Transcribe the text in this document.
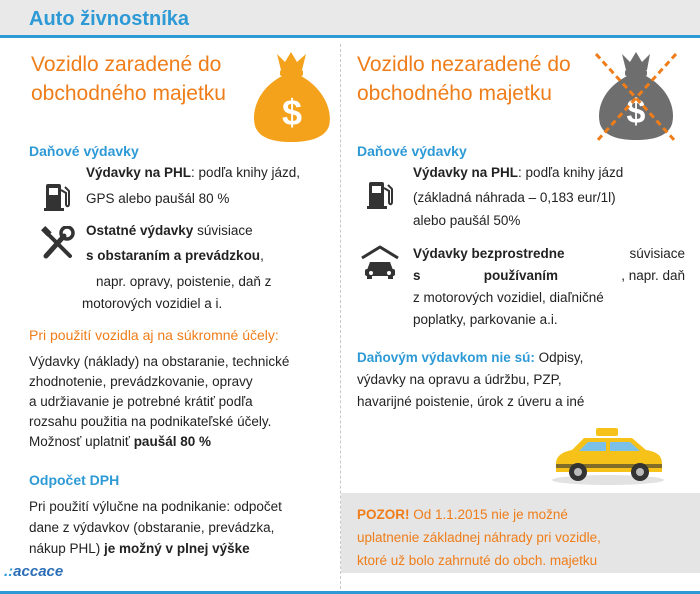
Auto živnostníka
Vozidlo zaradené do
obchodného majetku $
Daňové výdavky
Výdavky na PHL: podľa knihy jázd,
GPS alebo paušál 80 %
Ostatné výdavky súvisiace
s obstaraním a prevádzkou,
napr. opravy, poistenie, daň z
motorových vozidiel a i.
Pri použití vozidla aj na súkromné účely:
Výdavky (náklady) na obstaranie, technické
zhodnotenie, prevádzkovanie, opravy
a udržiavanie je potrebné krátiť podľa
rozsahu použitia na podnikateľské účely.
Možnosť uplatniť paušál 80 %
Odpočet DPH
Pri použití výlučne na podnikanie: odpočet
dane z výdavkov (obstaranie, prevádzka,
nákup PHL) je možný v plnej výške
Vozidlo nezaradené do
obchodného majetku	$
Daňové výdavky
Výdavky na PHL: podľa knihy jázd
(základná náhrada – 0,183 eur/1l)
alebo paušál 50%
Výdavky bezprostredne	súvisiace
s	používaním	, napr. daň
z motorových vozidiel, diaľničné
poplatky, parkovanie a.i.
Daňovým výdavkom nie sú: Odpisy,
výdavky na opravu a údržbu, PZP,
havarijné poistenie, úrok z úveru a iné
POZOR! Od 1.1.2015 nie je možné
uplatnenie základnej náhrady pri vozidle,
ktoré už bolo zahrnuté do obch. majetku
.:accace
